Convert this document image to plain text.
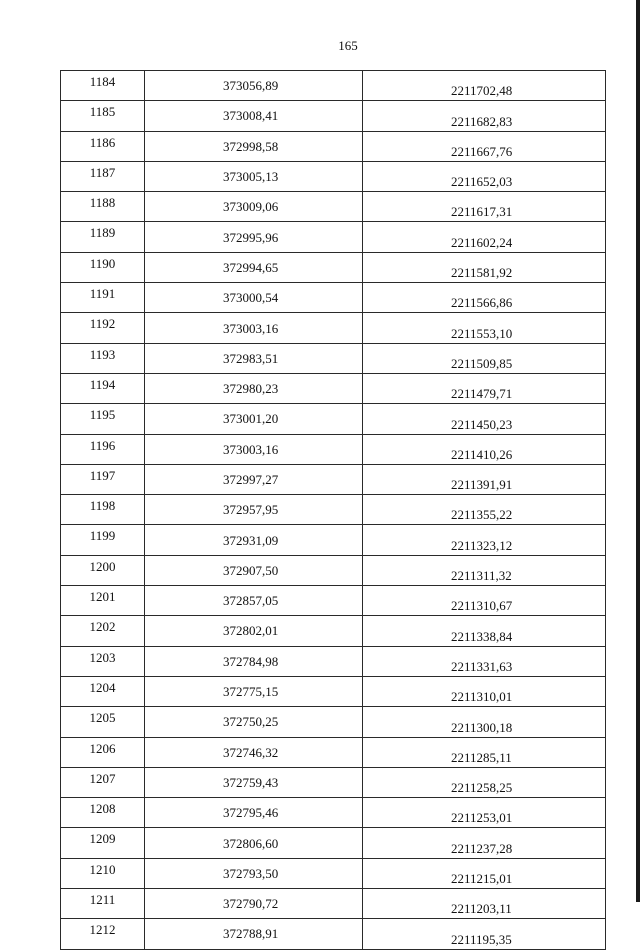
165
1184	373056,89	2211702,48
1185	373008,41	2211682,83
1186	372998,58	2211667,76
1187	373005,13	2211652,03
1188	373009,06	2211617,31
1189	372995,96	2211602,24
1190	372994,65	2211581,92
1191	373000,54	2211566,86
1192	373003,16	2211553,10
1193	372983,51	2211509,85
1194	372980,23	2211479,71
1195	373001,20	2211450,23
1196	373003,16	2211410,26
1197	372997,27	2211391,91
1198	372957,95	2211355,22
1199	372931,09	2211323,12
1200	372907,50	2211311,32
1201	372857,05	2211310,67
1202	372802,01	2211338,84
1203	372784,98	2211331,63
1204	372775,15	2211310,01
1205	372750,25	2211300,18
1206	372746,32	2211285,11
1207	372759,43	2211258,25
1208	372795,46	2211253,01
1209	372806,60	2211237,28
1210	372793,50	2211215,01
1211	372790,72	2211203,11
1212	372788,91	2211195,35
